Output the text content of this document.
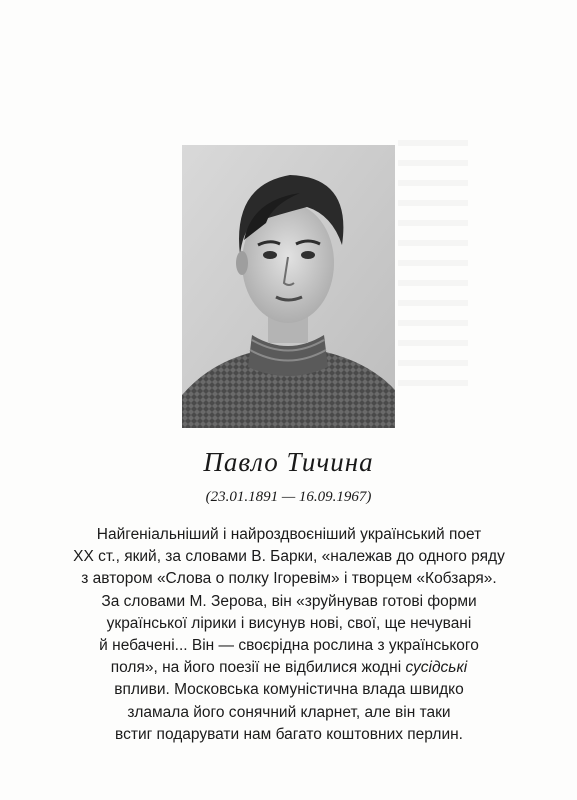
Павло Тичина
(23.01.1891 — 16.09.1967)
Найгеніальніший і найроздвоєніший український поет
XX ст., який, за словами В. Барки, «належав до одного ряду
з автором «Слова о полку Ігоревім» і творцем «Кобзаря».
За словами М. Зерова, він «зруйнував готові форми
української лірики і висунув нові, свої, ще нечувані
й небачені... Він — своєрідна рослина з українського
поля», на його поезії не відбилися жодні сусідські
впливи. Московська комуністична влада швидко
зламала його сонячний кларнет, але він таки
встиг подарувати нам багато коштовних перлин.
